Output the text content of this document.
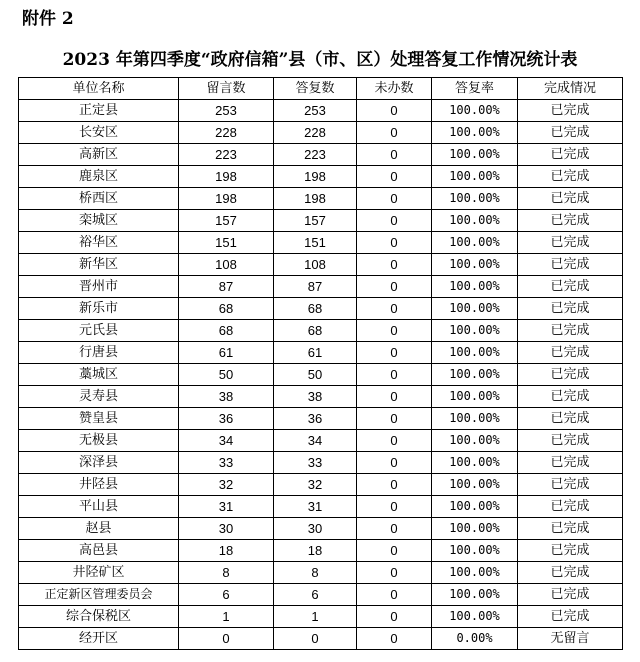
附件 2
2023 年第四季度“政府信箱”县（市、区）处理答复工作情况统计表
单位名称	留言数	答复数	未办数	答复率	完成情况
正定县	253	253	0	100.00%	已完成
长安区	228	228	0	100.00%	已完成
高新区	223	223	0	100.00%	已完成
鹿泉区	198	198	0	100.00%	已完成
桥西区	198	198	0	100.00%	已完成
栾城区	157	157	0	100.00%	已完成
裕华区	151	151	0	100.00%	已完成
新华区	108	108	0	100.00%	已完成
晋州市	87	87	0	100.00%	已完成
新乐市	68	68	0	100.00%	已完成
元氏县	68	68	0	100.00%	已完成
行唐县	61	61	0	100.00%	已完成
藁城区	50	50	0	100.00%	已完成
灵寿县	38	38	0	100.00%	已完成
赞皇县	36	36	0	100.00%	已完成
无极县	34	34	0	100.00%	已完成
深泽县	33	33	0	100.00%	已完成
井陉县	32	32	0	100.00%	已完成
平山县	31	31	0	100.00%	已完成
赵县	30	30	0	100.00%	已完成
高邑县	18	18	0	100.00%	已完成
井陉矿区	8	8	0	100.00%	已完成
正定新区管理委员会	6	6	0	100.00%	已完成
综合保税区	1	1	0	100.00%	已完成
经开区	0	0	0	0.00%	无留言
